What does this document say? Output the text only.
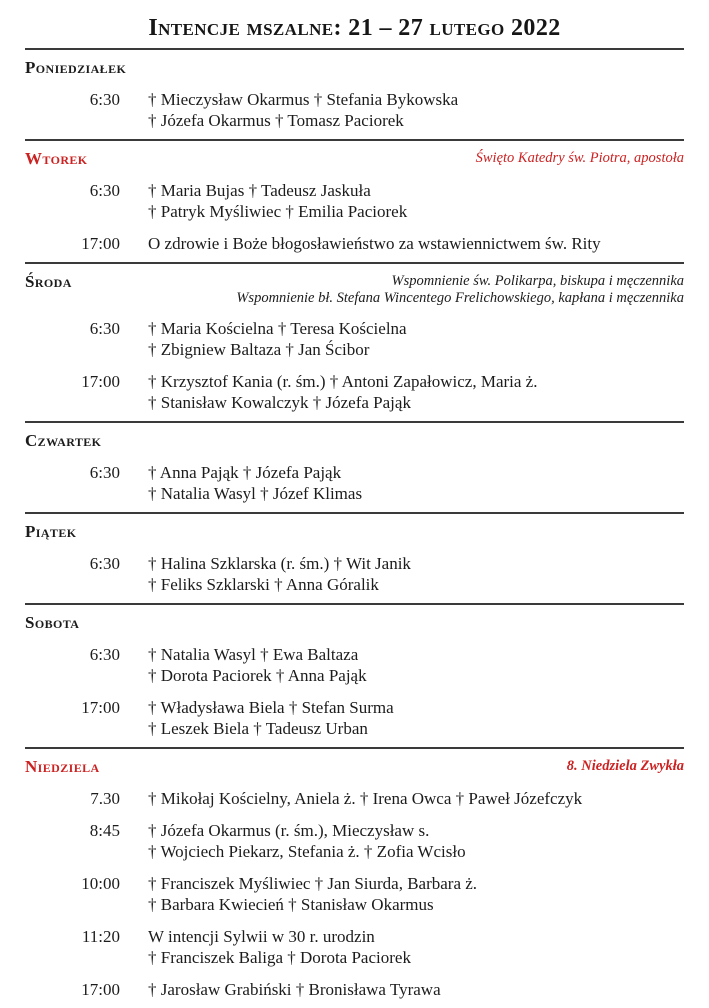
Intencje mszalne: 21 – 27 lutego 2022
Poniedziałek
6:30 † Mieczysław Okarmus † Stefania Bykowska
† Józefa Okarmus † Tomasz Paciorek
Wtorek	Święto Katedry św. Piotra, apostoła
6:30 † Maria Bujas † Tadeusz Jaskuła
† Patryk Myśliwiec † Emilia Paciorek
17:00 O zdrowie i Boże błogosławieństwo za wstawiennictwem św. Rity
Środa	Wspomnienie św. Polikarpa, biskupa i męczennika
Wspomnienie bł. Stefana Wincentego Frelichowskiego, kapłana i męczennika
6:30 † Maria Kościelna † Teresa Kościelna
† Zbigniew Baltaza † Jan Ścibor
17:00 † Krzysztof Kania (r. śm.) † Antoni Zapałowicz, Maria ż.
† Stanisław Kowalczyk † Józefa Pająk
Czwartek
6:30 † Anna Pająk † Józefa Pająk
† Natalia Wasyl † Józef Klimas
Piątek
6:30 † Halina Szklarska (r. śm.) † Wit Janik
† Feliks Szklarski † Anna Góralik
Sobota
6:30 † Natalia Wasyl † Ewa Baltaza
† Dorota Paciorek † Anna Pająk
17:00 † Władysława Biela † Stefan Surma
† Leszek Biela † Tadeusz Urban
Niedziela	8. Niedziela Zwykła
7.30 † Mikołaj Kościelny, Aniela ż. † Irena Owca † Paweł Józefczyk
8:45 † Józefa Okarmus (r. śm.), Mieczysław s.
† Wojciech Piekarz, Stefania ż. † Zofia Wcisło
10:00 † Franciszek Myśliwiec † Jan Siurda, Barbara ż.
† Barbara Kwiecień † Stanisław Okarmus
11:20 W intencji Sylwii w 30 r. urodzin
† Franciszek Baliga † Dorota Paciorek
17:00 † Jarosław Grabiński † Bronisława Tyrawa
